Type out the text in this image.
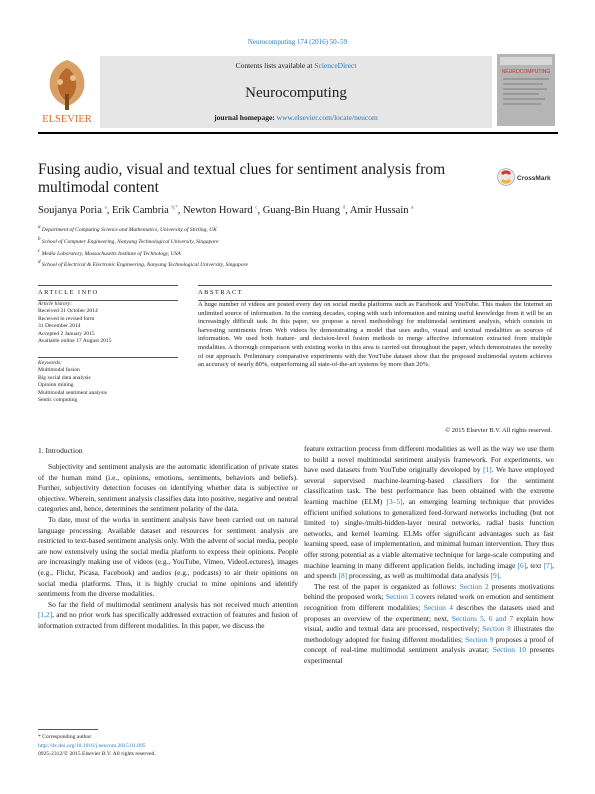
Neurocomputing 174 (2016) 50–59
ELSEVIER
Contents lists available at ScienceDirect
Neurocomputing
journal homepage: www.elsevier.com/locate/neucom
NEUROCOMPUTING
Fusing audio, visual and textual clues for sentiment analysis from multimodal content
CrossMark
Soujanya Poria $^a$, Erik Cambria $^{b,*}$, Newton Howard $^c$, Guang-Bin Huang $^d$, Amir Hussain $^a$
a Department of Computing Science and Mathematics, University of Stirling, UK
b School of Computer Engineering, Nanyang Technological University, Singapore
c Media Laboratory, Massachusetts Institute of Technology, USA
d School of Electrical & Electronic Engineering, Nanyang Technological University, Singapore
ARTICLE INFO
Article history:
Received 31 October 2014
Received in revised form
31 December 2014
Accepted 2 January 2015
Available online 17 August 2015
Keywords:
Multimodal fusion
Big social data analysis
Opinion mining
Multimodal sentiment analysis
Sentic computing
ABSTRACT
A huge number of videos are posted every day on social media platforms such as Facebook and YouTube. This makes the Internet an unlimited source of information. In the coming decades, coping with such information and mining useful knowledge from it will be an increasingly difficult task. In this paper, we propose a novel methodology for multimodal sentiment analysis, which consists in harvesting sentiments from Web videos by demonstrating a model that uses audio, visual and textual modalities as sources of information. We used both feature- and decision-level fusion methods to merge affective information extracted from multiple modalities. A thorough comparison with existing works in this area is carried out throughout the paper, which demonstrates the novelty of our approach. Preliminary comparative experiments with the YouTube dataset show that the proposed multimodal system achieves an accuracy of nearly 80%, outperforming all state-of-the-art systems by more than 20%.
© 2015 Elsevier B.V. All rights reserved.
1. Introduction

Subjectivity and sentiment analysis are the automatic identification of private states of the human mind (i.e., opinions, emotions, sentiments, behaviors and beliefs). Further, subjectivity detection focuses on identifying whether data is subjective or objective. Wherein, sentiment analysis classifies data into positive, negative and neutral categories and, hence, determines the sentiment polarity of the data.

To date, most of the works in sentiment analysis have been carried out on natural language processing. Available dataset and resources for sentiment analysis are restricted to text-based sentiment analysis only. With the advent of social media, people are now extensively using the social media platform to express their opinions. People are increasingly making use of videos (e.g., YouTube, Vimeo, VideoLectures), images (e.g., Flickr, Picasa, Facebook) and audios (e.g., podcasts) to air their opinions on social media platforms. Thus, it is highly crucial to mine opinions and identify sentiments from the diverse modalities.

So far the field of multimodal sentiment analysis has not received much attention [1,2], and no prior work has specifically addressed extraction of features and fusion of information extracted from different modalities. In this paper, we discuss the

feature extraction process from different modalities as well as the way we use them to build a novel multimodal sentiment analysis framework. For experiments, we have used datasets from YouTube originally developed by [1]. We have employed several supervised machine-learning-based classifiers for the sentiment classification task. The best performance has been obtained with the extreme learning machine (ELM) [3–5], an emerging learning technique that provides efficient unified solutions to generalized feed-forward networks including (but not limited to) single-/multi-hidden-layer neural networks, radial basis function networks, and kernel learning. ELMs offer significant advantages such as fast learning speed, ease of implementation, and minimal human intervention. They thus offer strong potential as a viable alternative technique for large-scale computing and machine learning in many different application fields, including image [6], text [7], and speech [8] processing, as well as multimodal data analysis [9].

The rest of the paper is organized as follows: Section 2 presents motivations behind the proposed work; Section 3 covers related work on emotion and sentiment recognition from different modalities; Section 4 describes the datasets used and proposes an overview of the experiment; next, Sections 5, 6 and 7 explain how visual, audio and textual data are processed, respectively; Section 8 illustrates the methodology adopted for fusing different modalities; Section 9 proposes a proof of concept of real-time multimodal sentiment analysis avatar; Section 10 presents experimental

* Corresponding author.
http://dx.doi.org/10.1016/j.neucom.2015.01.095
0925-2312/© 2015 Elsevier B.V. All rights reserved.
